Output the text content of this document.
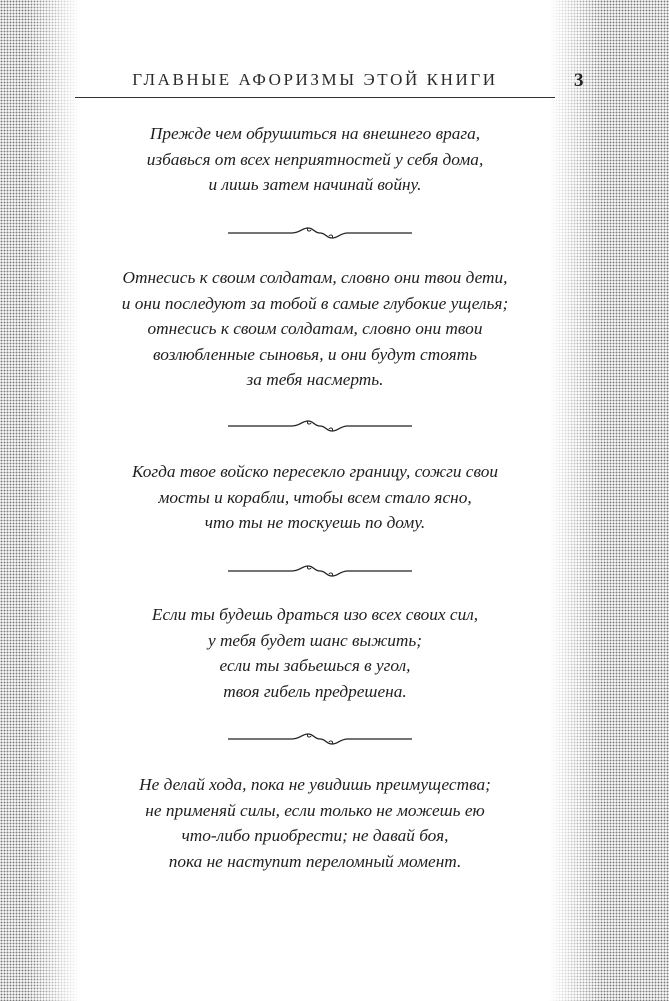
ГЛАВНЫЕ АФОРИЗМЫ ЭТОЙ КНИГИ	3
Прежде чем обрушиться на внешнего врага,
избавься от всех неприятностей у себя дома,
и лишь затем начинай войну.
Отнесись к своим солдатам, словно они твои дети,
и они последуют за тобой в самые глубокие ущелья;
отнесись к своим солдатам, словно они твои
возлюбленные сыновья, и они будут стоять
за тебя насмерть.
Когда твое войско пересекло границу, сожги свои
мосты и корабли, чтобы всем стало ясно,
что ты не тоскуешь по дому.
Если ты будешь драться изо всех своих сил,
у тебя будет шанс выжить;
если ты забьешься в угол,
твоя гибель предрешена.
Не делай хода, пока не увидишь преимущества;
не применяй силы, если только не можешь ею
что-либо приобрести; не давай боя,
пока не наступит переломный момент.
